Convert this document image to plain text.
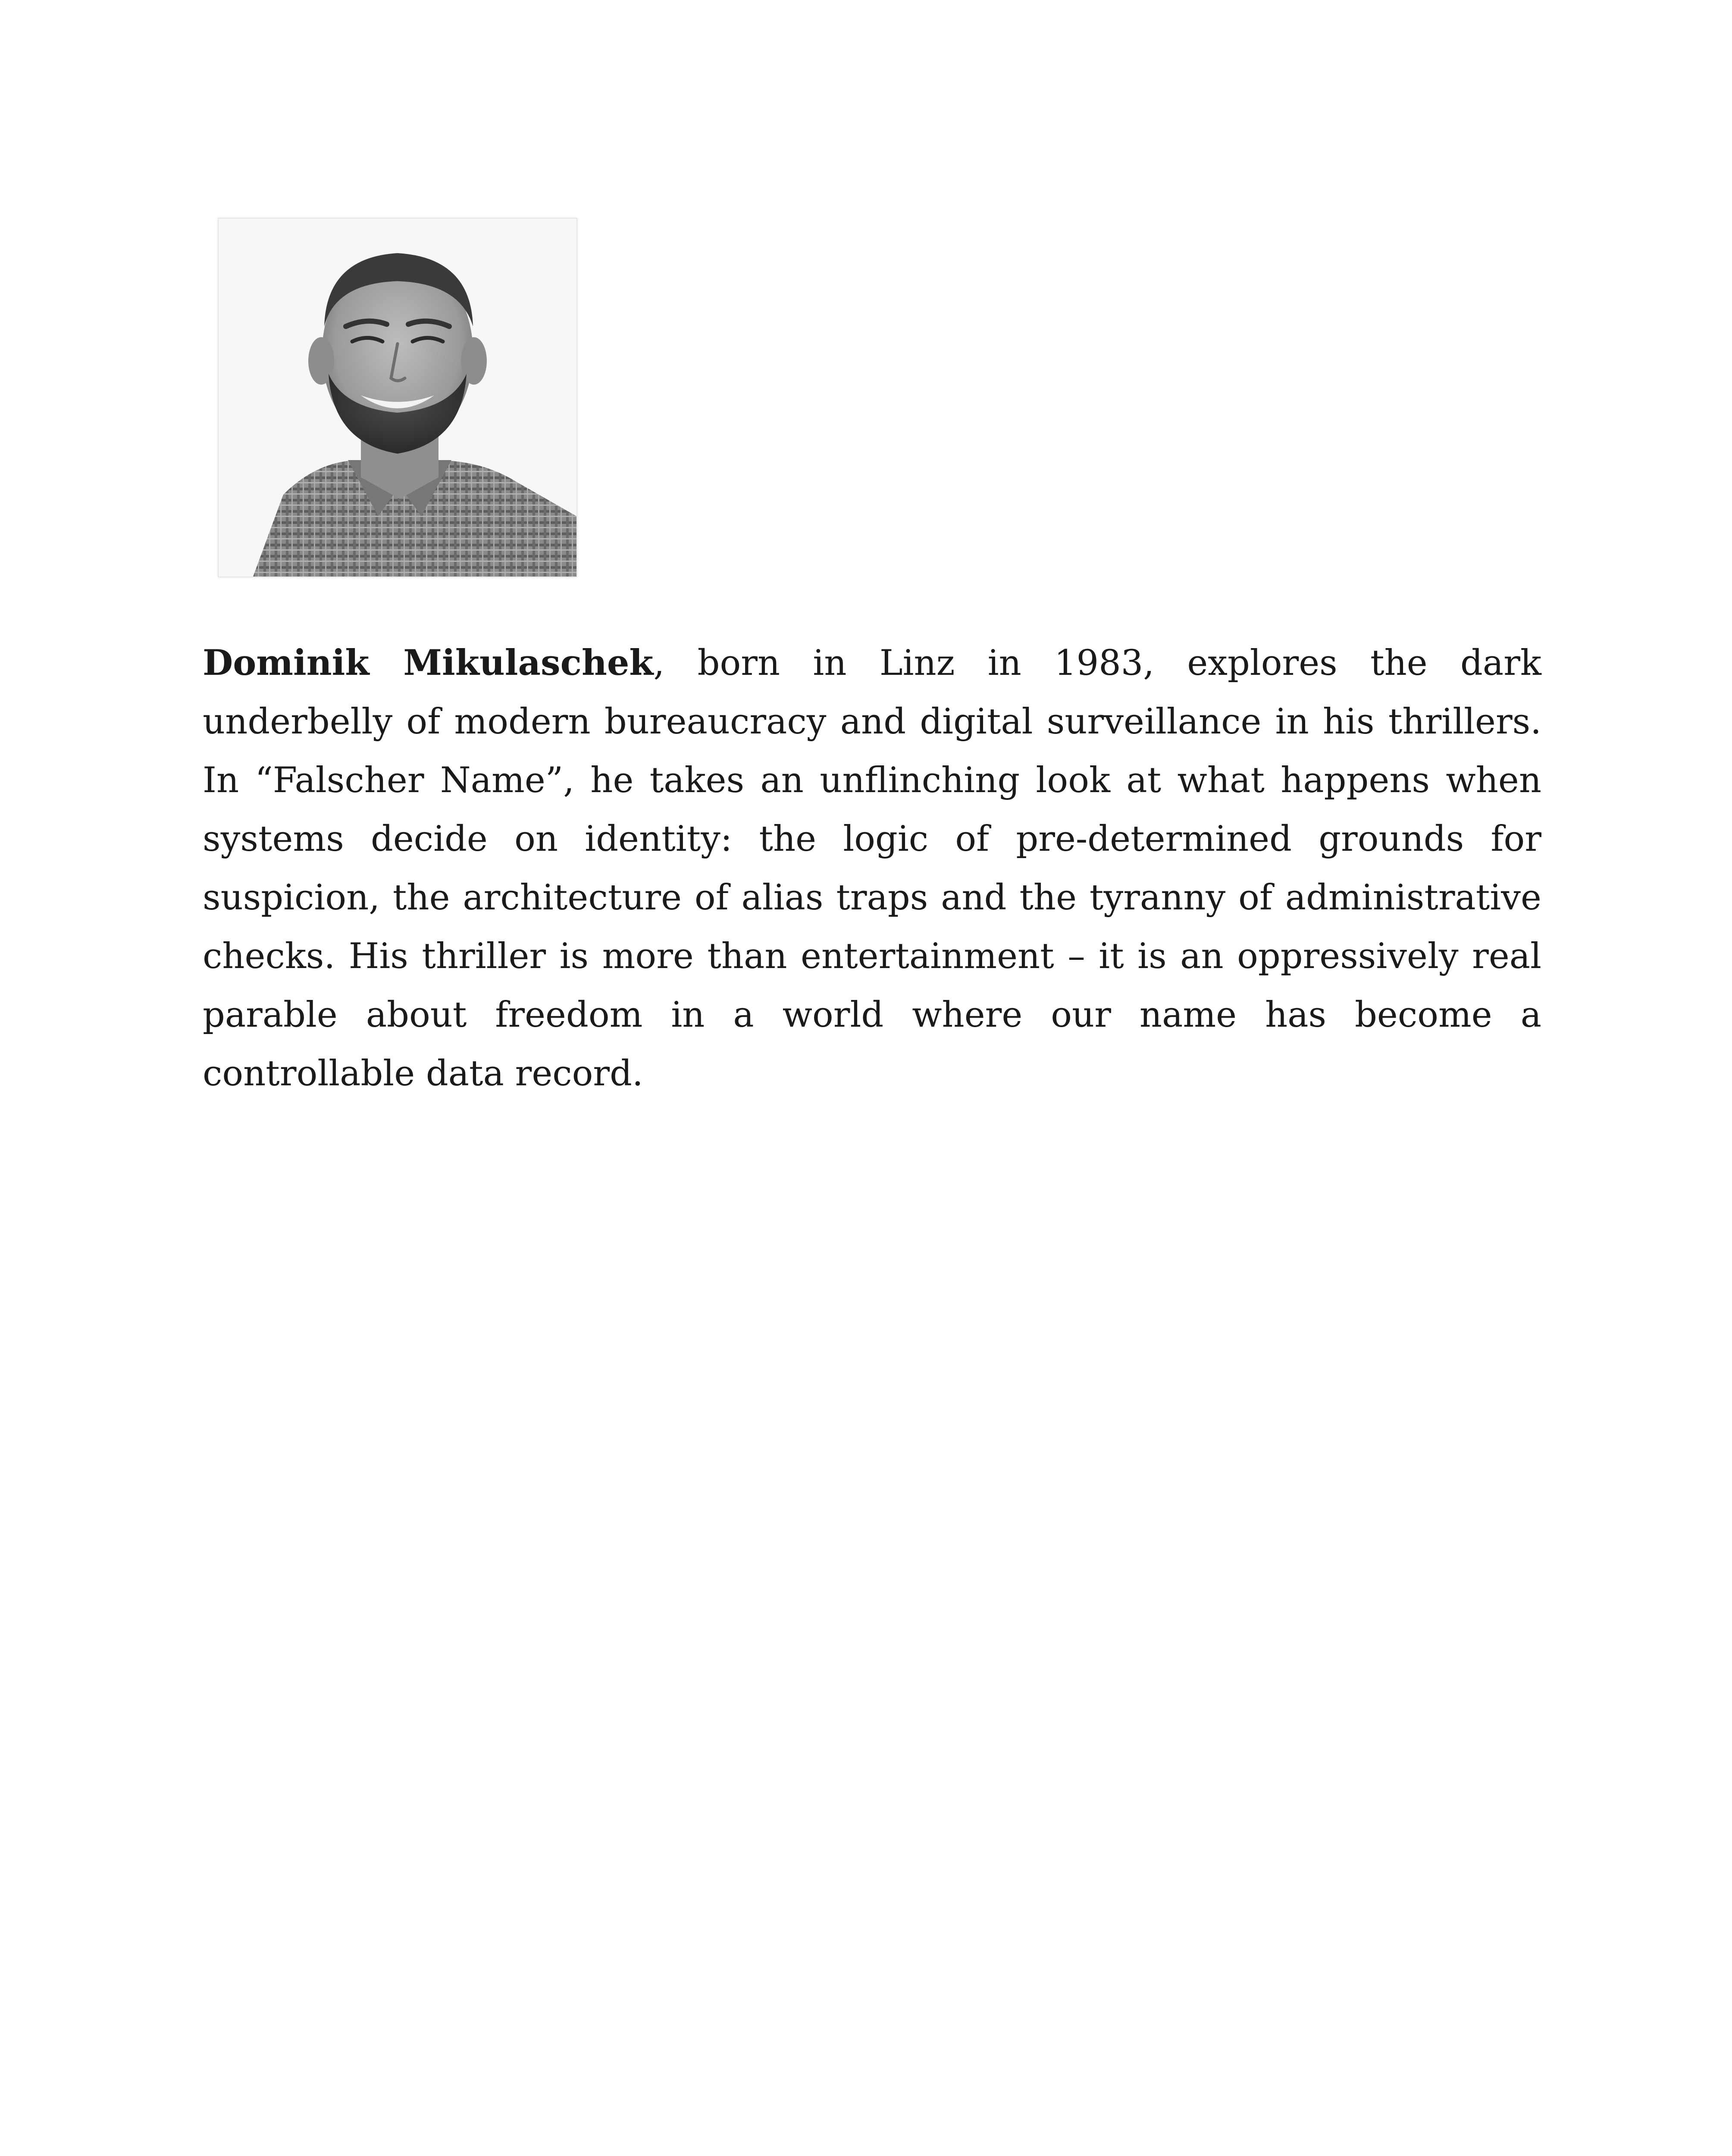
Dominik Mikulaschek, born in Linz in 1983, explores the dark underbelly of modern bureaucracy and digital surveillance in his thrillers. In “Falscher Name”, he takes an unflinching look at what happens when systems decide on identity: the logic of pre-determined grounds for suspicion, the architecture of alias traps and the tyranny of administrative checks. His thriller is more than entertainment – it is an oppressively real parable about freedom in a world where our name has become a controllable data record.
